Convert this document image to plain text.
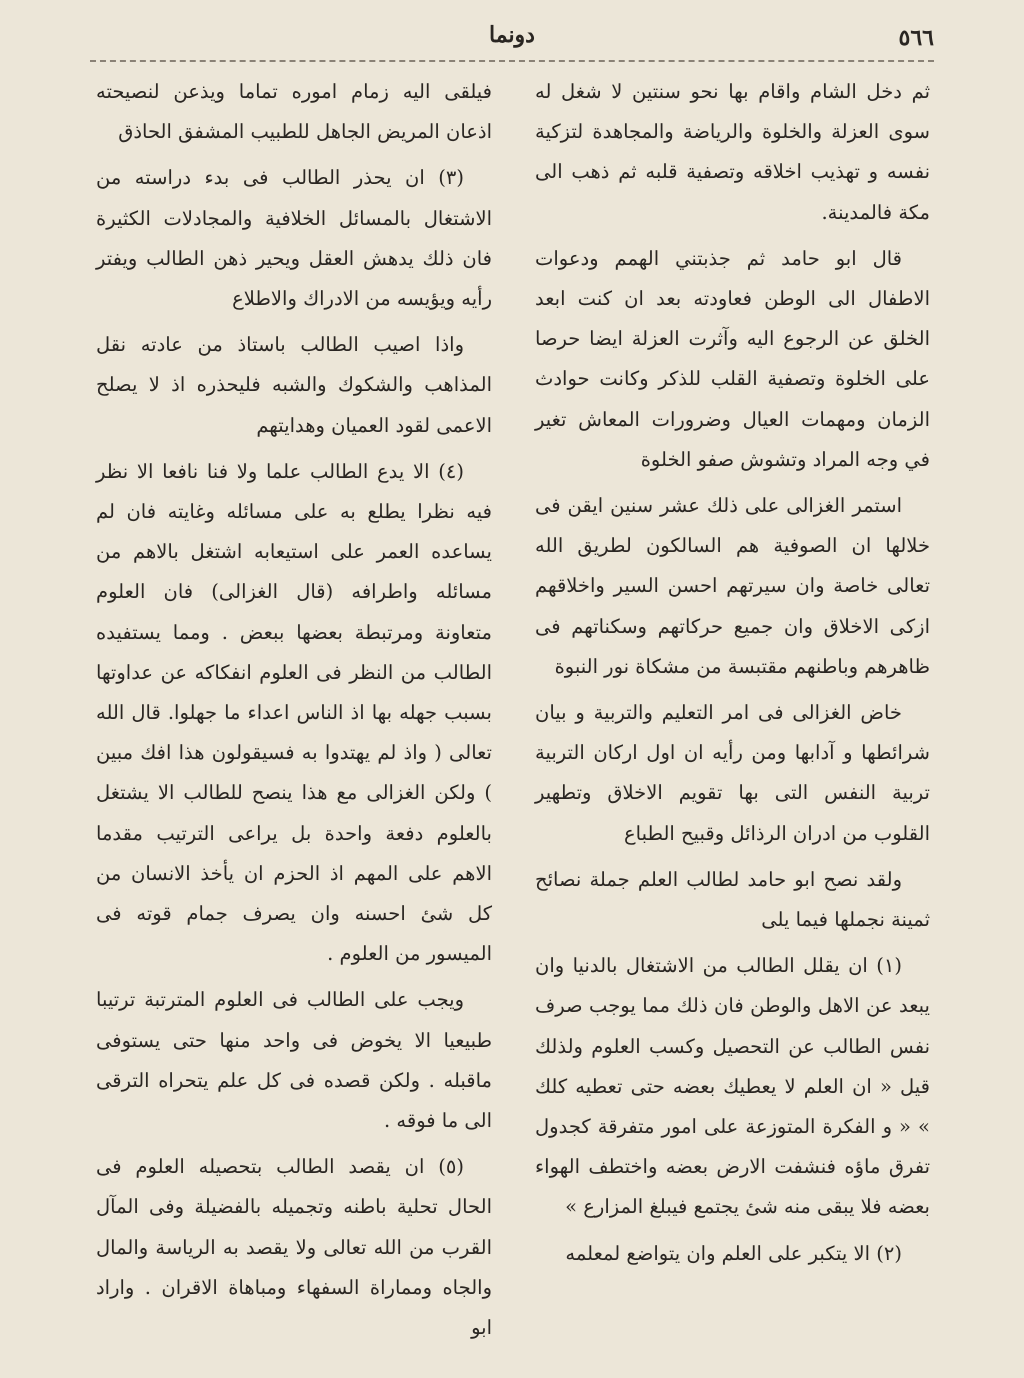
٥٦٦
دونما

ثم دخل الشام واقام بها نحو سنتين لا شغل له سوى العزلة والخلوة والرياضة والمجاهدة لتزكية نفسه و تهذيب اخلاقه وتصفية قلبه ثم ذهب الى مكة فالمدينة.

قال ابو حامد ثم جذبتني الهمم ودعوات الاطفال الى الوطن فعاودته بعد ان كنت ابعد الخلق عن الرجوع اليه وآثرت العزلة ايضا حرصا على الخلوة وتصفية القلب للذكر وكانت حوادث الزمان ومهمات العيال وضرورات المعاش تغير في وجه المراد وتشوش صفو الخلوة

استمر الغزالى على ذلك عشر سنين ايقن فى خلالها ان الصوفية هم السالكون لطريق الله تعالى خاصة وان سيرتهم احسن السير واخلاقهم ازكى الاخلاق وان جميع حركاتهم وسكناتهم فى ظاهرهم وباطنهم مقتبسة من مشكاة نور النبوة

خاض الغزالى فى امر التعليم والتربية و بيان شرائطها و آدابها ومن رأيه ان اول اركان التربية تربية النفس التى بها تقويم الاخلاق وتطهير القلوب من ادران الرذائل وقبيح الطباع

ولقد نصح ابو حامد لطالب العلم جملة نصائح ثمينة نجملها فيما يلى

(١) ان يقلل الطالب من الاشتغال بالدنيا وان يبعد عن الاهل والوطن فان ذلك مما يوجب صرف نفس الطالب عن التحصيل وكسب العلوم ولذلك قيل « ان العلم لا يعطيك بعضه حتى تعطيه كلك » « و الفكرة المتوزعة على امور متفرقة كجدول تفرق ماؤه فنشفت الارض بعضه واختطف الهواء بعضه فلا يبقى منه شئ يجتمع فيبلغ المزارع »

(٢) الا يتكبر على العلم وان يتواضع لمعلمه

فيلقى اليه زمام اموره تماما ويذعن لنصيحته اذعان المريض الجاهل للطبيب المشفق الحاذق

(٣) ان يحذر الطالب فى بدء دراسته من الاشتغال بالمسائل الخلافية والمجادلات الكثيرة فان ذلك يدهش العقل ويحير ذهن الطالب ويفتر رأيه ويؤيسه من الادراك والاطلاع

واذا اصيب الطالب باستاذ من عادته نقل المذاهب والشكوك والشبه فليحذره اذ لا يصلح الاعمى لقود العميان وهدايتهم

(٤) الا يدع الطالب علما ولا فنا نافعا الا نظر فيه نظرا يطلع به على مسائله وغايته فان لم يساعده العمر على استيعابه اشتغل بالاهم من مسائله واطرافه (قال الغزالى) فان العلوم متعاونة ومرتبطة بعضها ببعض . ومما يستفيده الطالب من النظر فى العلوم انفكاكه عن عداوتها بسبب جهله بها اذ الناس اعداء ما جهلوا. قال الله تعالى ( واذ لم يهتدوا به فسيقولون هذا افك مبين ) ولكن الغزالى مع هذا ينصح للطالب الا يشتغل بالعلوم دفعة واحدة بل يراعى الترتيب مقدما الاهم على المهم اذ الحزم ان يأخذ الانسان من كل شئ احسنه وان يصرف جمام قوته فى الميسور من العلوم .

ويجب على الطالب فى العلوم المترتبة ترتيبا طبيعيا الا يخوض فى واحد منها حتى يستوفى ماقبله . ولكن قصده فى كل علم يتحراه الترقى الى ما فوقه .

(٥) ان يقصد الطالب بتحصيله العلوم فى الحال تحلية باطنه وتجميله بالفضيلة وفى المآل القرب من الله تعالى ولا يقصد به الرياسة والمال والجاه ومماراة السفهاء ومباهاة الاقران . واراد ابو
